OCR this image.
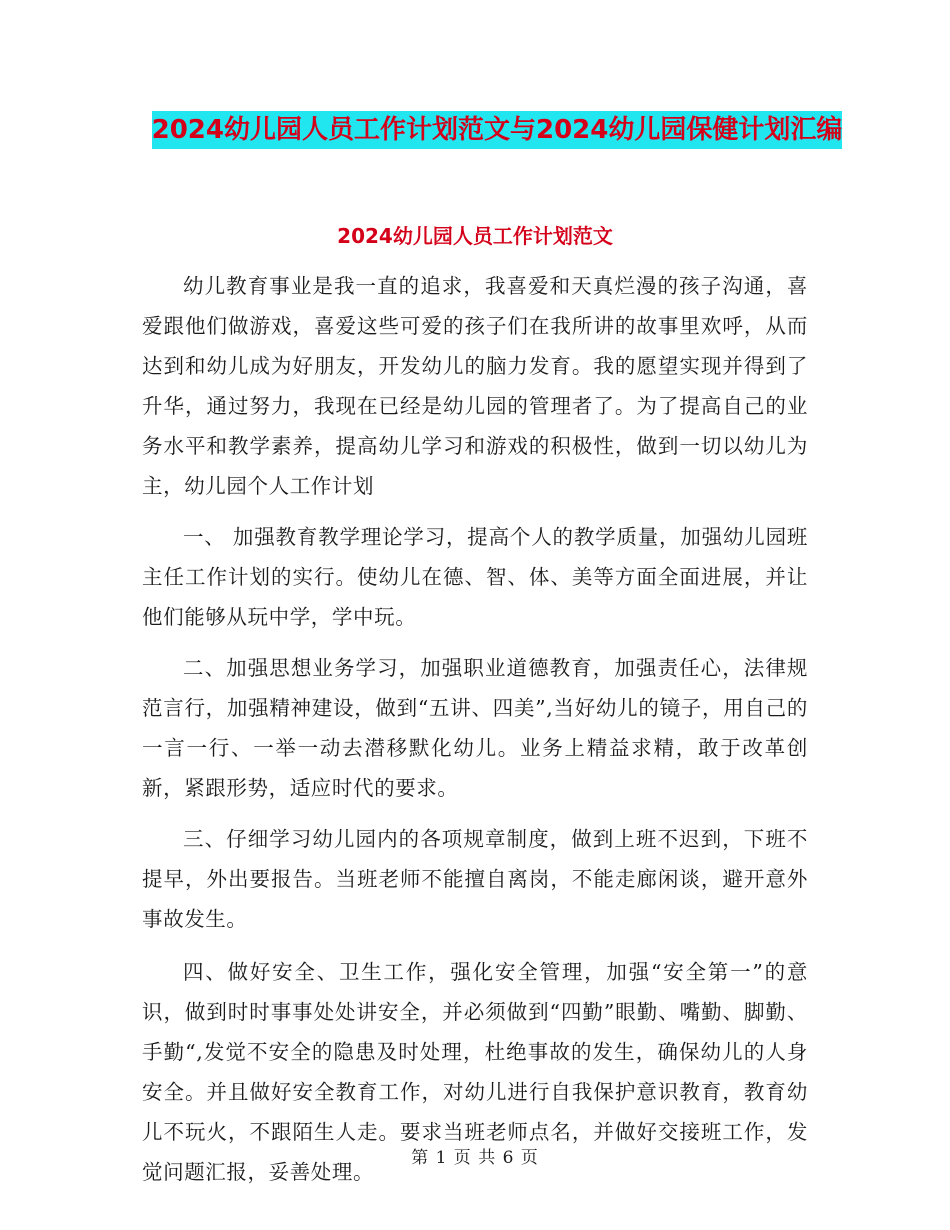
2024幼儿园人员工作计划范文与2024幼儿园保健计划汇编
2024幼儿园人员工作计划范文

幼儿教育事业是我一直的追求，我喜爱和天真烂漫的孩子沟通，喜爱跟他们做游戏，喜爱这些可爱的孩子们在我所讲的故事里欢呼，从而达到和幼儿成为好朋友，开发幼儿的脑力发育。我的愿望实现并得到了升华，通过努力，我现在已经是幼儿园的管理者了。为了提高自己的业务水平和教学素养，提高幼儿学习和游戏的积极性，做到一切以幼儿为主，幼儿园个人工作计划

一、 加强教育教学理论学习，提高个人的教学质量，加强幼儿园班主任工作计划的实行。使幼儿在德、智、体、美等方面全面进展，并让他们能够从玩中学，学中玩。

二、加强思想业务学习，加强职业道德教育，加强责任心，法律规范言行，加强精神建设，做到“五讲、四美”,当好幼儿的镜子，用自己的一言一行、一举一动去潜移默化幼儿。业务上精益求精，敢于改革创新，紧跟形势，适应时代的要求。

三、仔细学习幼儿园内的各项规章制度，做到上班不迟到，下班不提早，外出要报告。当班老师不能擅自离岗，不能走廊闲谈，避开意外事故发生。

四、做好安全、卫生工作，强化安全管理，加强“安全第一”的意识，做到时时事事处处讲安全，并必须做到“四勤”眼勤、嘴勤、脚勤、手勤“,发觉不安全的隐患及时处理，杜绝事故的发生，确保幼儿的人身安全。并且做好安全教育工作，对幼儿进行自我保护意识教育，教育幼儿不玩火，不跟陌生人走。要求当班老师点名，并做好交接班工作，发觉问题汇报，妥善处理。

第 1 页 共 6 页
